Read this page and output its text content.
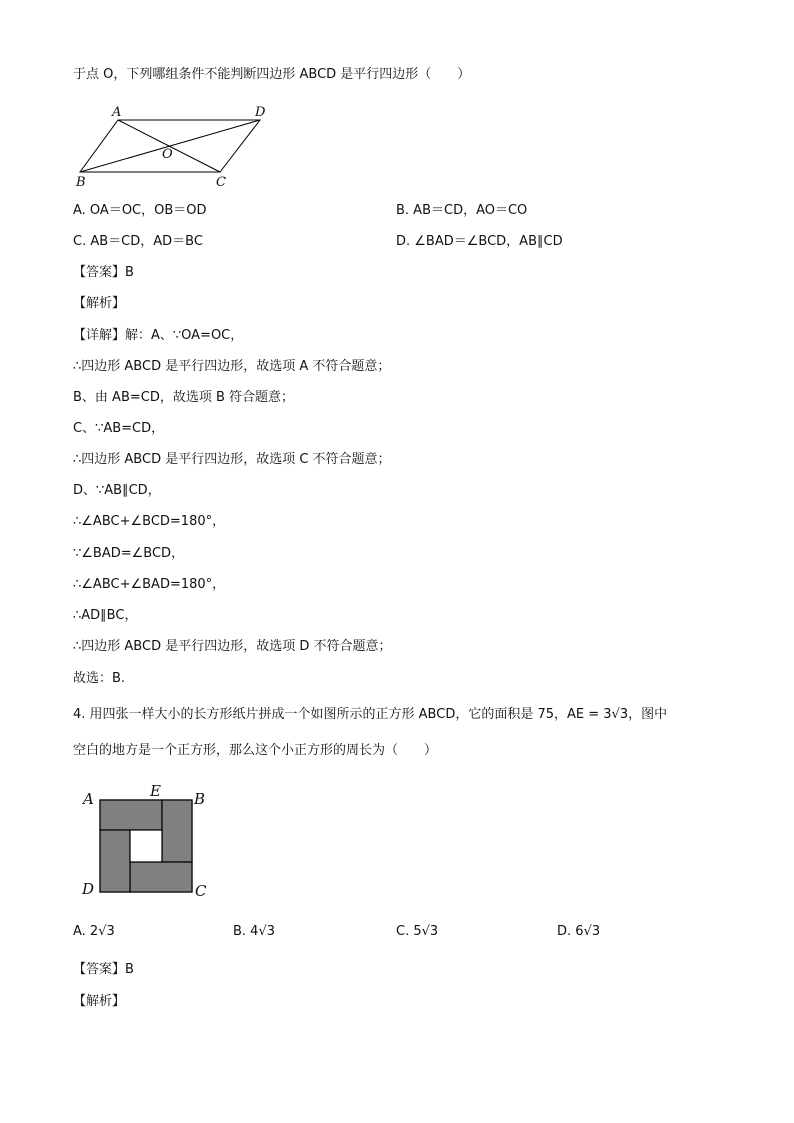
于点 O，下列哪组条件不能判断四边形 ABCD 是平行四边形（　　）
A	D
O
B	C
A. OA＝OC，OB＝OD	B. AB＝CD，AO＝CO
C. AB＝CD，AD＝BC	D. ∠BAD＝∠BCD，AB∥CD
【答案】B
【解析】
【详解】解：A、∵OA=OC，
∴四边形 ABCD 是平行四边形，故选项 A 不符合题意；
B、由 AB=CD，故选项 B 符合题意；
C、∵AB=CD，
∴四边形 ABCD 是平行四边形，故选项 C 不符合题意；
D、∵AB∥CD，
∴∠ABC+∠BCD=180°，
∵∠BAD=∠BCD，
∴∠ABC+∠BAD=180°，
∴AD∥BC，
∴四边形 ABCD 是平行四边形，故选项 D 不符合题意；
故选：B.
4. 用四张一样大小的长方形纸片拼成一个如图所示的正方形 ABCD，它的面积是 75，AE = 3√3，图中
空白的地方是一个正方形，那么这个小正方形的周长为（　　）
A	E B
D	C
A. 2√3	B. 4√3	C. 5√3	D. 6√3
【答案】B
【解析】
